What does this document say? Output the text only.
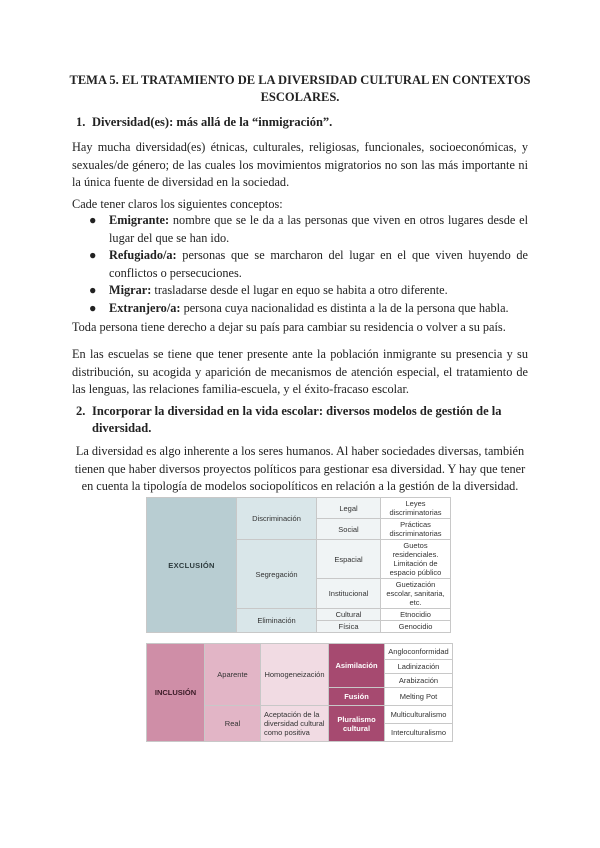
TEMA 5. EL TRATAMIENTO DE LA DIVERSIDAD CULTURAL EN CONTEXTOS ESCOLARES.
1. Diversidad(es): más allá de la “inmigración”.
Hay mucha diversidad(es) étnicas, culturales, religiosas, funcionales, socioeconómicas, y sexuales/de género; de las cuales los movimientos migratorios no son las más importante ni la única fuente de diversidad en la sociedad.
Cade tener claros los siguientes conceptos:
● Emigrante: nombre que se le da a las personas que viven en otros lugares desde el lugar del que se han ido.
● Refugiado/a: personas que se marcharon del lugar en el que viven huyendo de conflictos o persecuciones.
● Migrar: trasladarse desde el lugar en equo se habita a otro diferente.
● Extranjero/a: persona cuya nacionalidad es distinta a la de la persona que habla.
Toda persona tiene derecho a dejar su país para cambiar su residencia o volver a su país.
En las escuelas se tiene que tener presente ante la población inmigrante su presencia y su distribución, su acogida y aparición de mecanismos de atención especial, el tratamiento de las lenguas, las relaciones familia-escuela, y el éxito-fracaso escolar.
2. Incorporar la diversidad en la vida escolar: diversos modelos de gestión de la diversidad.
La diversidad es algo inherente a los seres humanos. Al haber sociedades diversas, también tienen que haber diversos proyectos políticos para gestionar esa diversidad. Y hay que tener en cuenta la tipología de modelos sociopolíticos en relación a la gestión de la diversidad.
EXCLUSIÓN	Discriminación	Legal	Leyes discriminatorias
		Social	Prácticas discriminatorias
	Segregación	Espacial	Guetos residenciales. Limitación de espacio público
		Institucional	Guetización escolar, sanitaria, etc.
	Eliminación	Cultural	Etnocidio
		Física	Genocidio
INCLUSIÓN	Aparente	Homogeneización	Asimilación	Angloconformidad
				Ladinización
				Arabización
			Fusión	Melting Pot
	Real	Aceptación de la diversidad cultural como positiva	Pluralismo cultural	Multiculturalismo
				Interculturalismo
